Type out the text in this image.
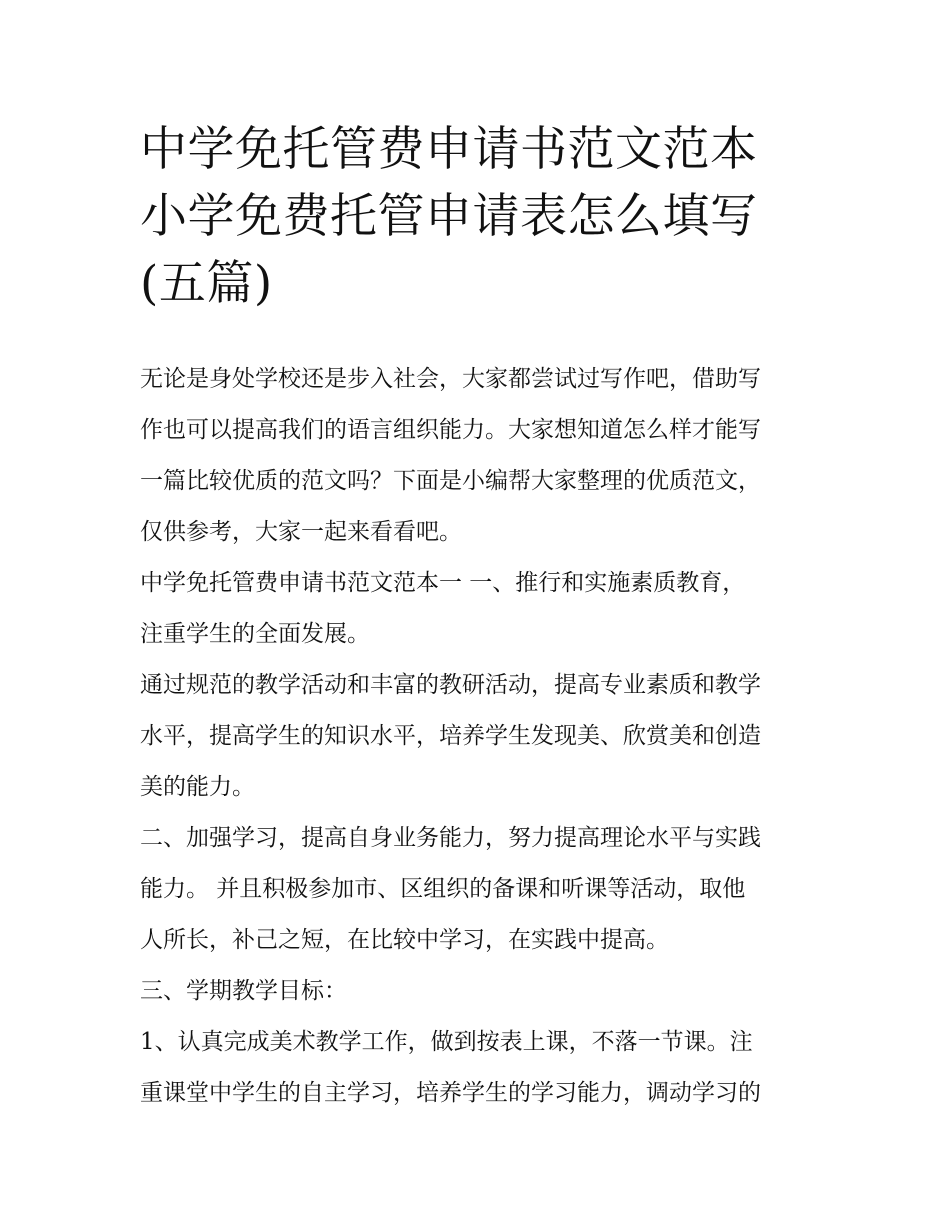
中学免托管费申请书范文范本
小学免费托管申请表怎么填写
(五篇)

无论是身处学校还是步入社会，大家都尝试过写作吧，借助写
作也可以提高我们的语言组织能力。大家想知道怎么样才能写
一篇比较优质的范文吗？下面是小编帮大家整理的优质范文，
仅供参考，大家一起来看看吧。

中学免托管费申请书范文范本一 一、推行和实施素质教育，
注重学生的全面发展。

通过规范的教学活动和丰富的教研活动，提高专业素质和教学
水平，提高学生的知识水平，培养学生发现美、欣赏美和创造
美的能力。

二、加强学习，提高自身业务能力，努力提高理论水平与实践
能力。 并且积极参加市、区组织的备课和听课等活动，取他
人所长，补己之短，在比较中学习，在实践中提高。

三、学期教学目标：

1、认真完成美术教学工作，做到按表上课，不落一节课。注
重课堂中学生的自主学习，培养学生的学习能力，调动学习的
